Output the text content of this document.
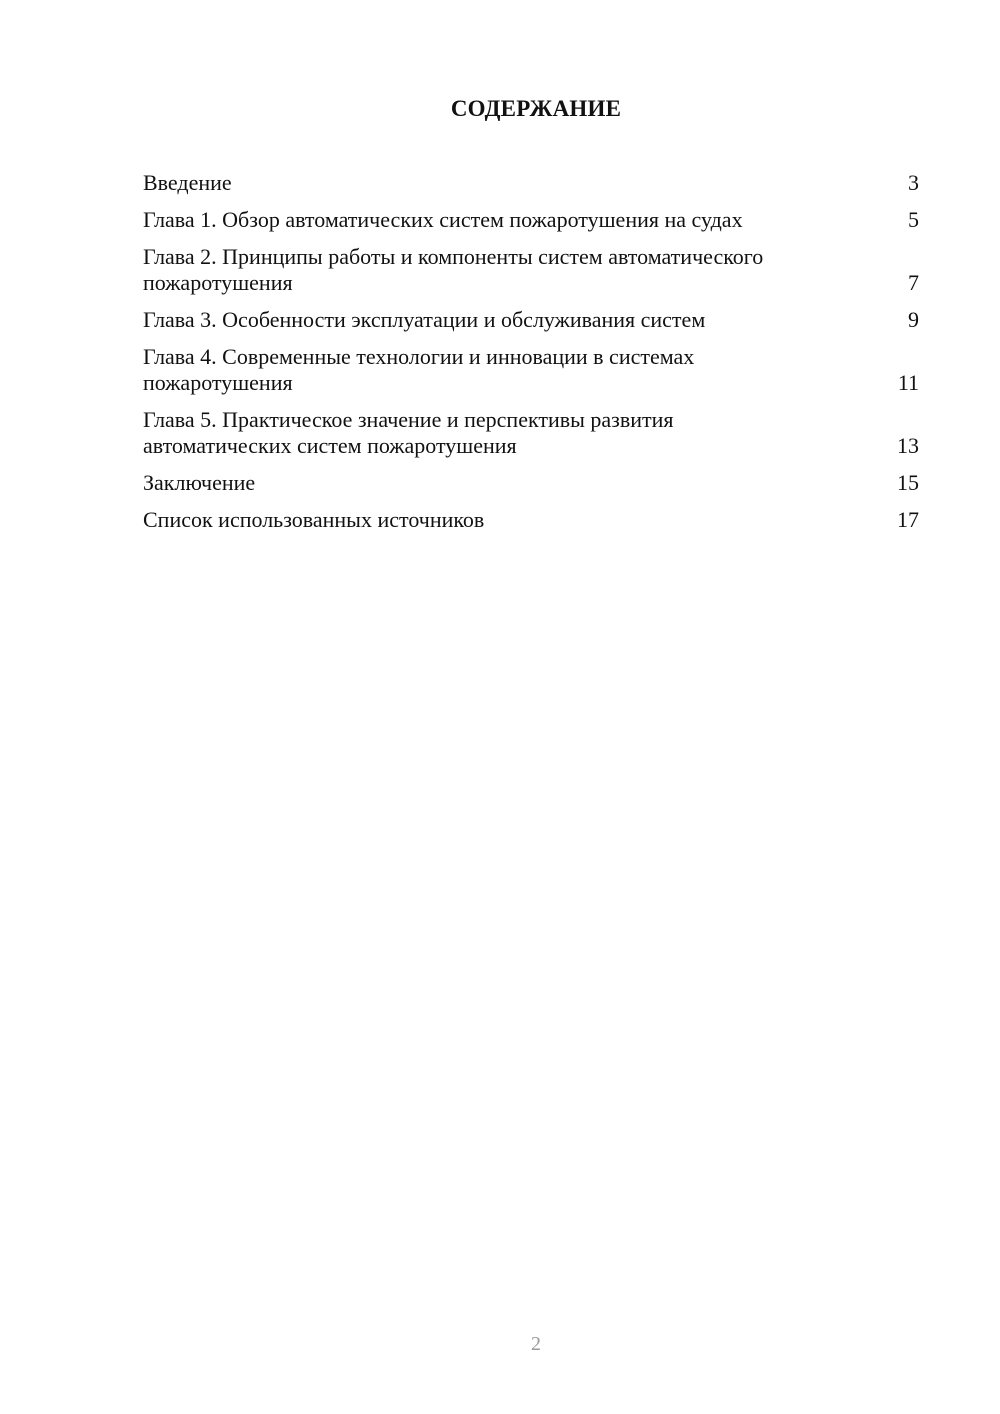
СОДЕРЖАНИЕ
Введение	3
Глава 1. Обзор автоматических систем пожаротушения на судах	5
Глава 2. Принципы работы и компоненты систем автоматического пожаротушения	7
Глава 3. Особенности эксплуатации и обслуживания систем	9
Глава 4. Современные технологии и инновации в системах пожаротушения	11
Глава 5. Практическое значение и перспективы развития автоматических систем пожаротушения	13
Заключение	15
Список использованных источников	17
2
